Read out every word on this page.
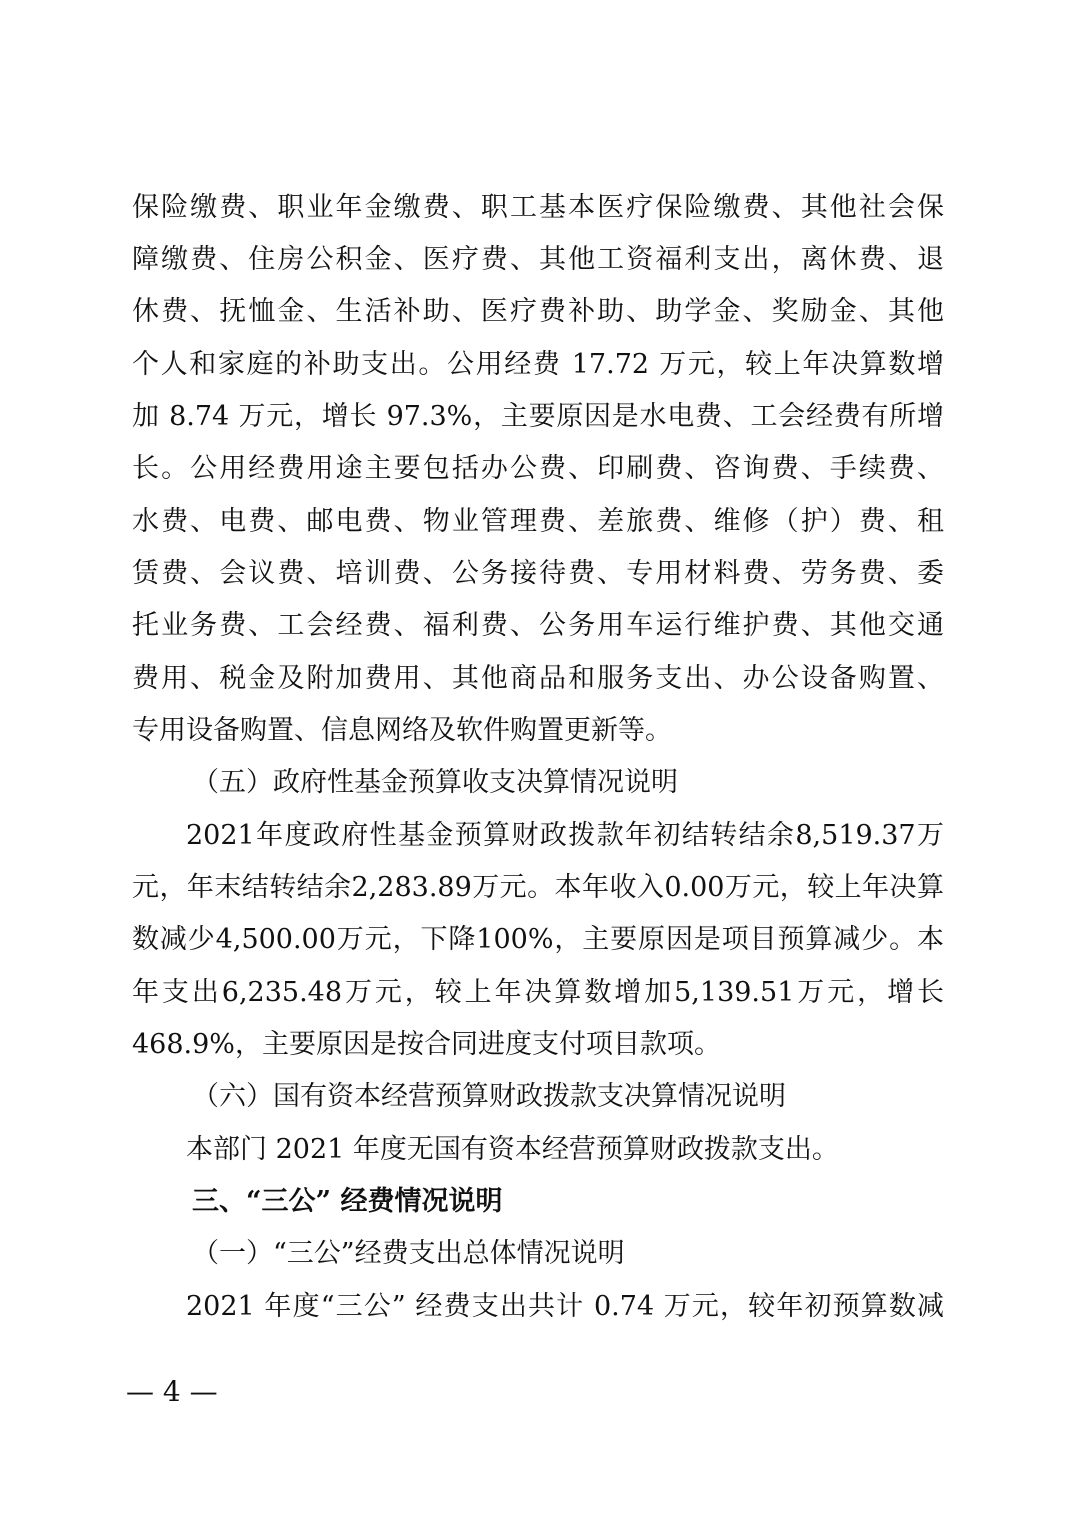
保险缴费、职业年金缴费、职工基本医疗保险缴费、其他社会保
障缴费、住房公积金、医疗费、其他工资福利支出，离休费、退
休费、抚恤金、生活补助、医疗费补助、助学金、奖励金、其他
个人和家庭的补助支出。公用经费 17.72 万元，较上年决算数增
加 8.74 万元，增长 97.3%，主要原因是水电费、工会经费有所增
长。公用经费用途主要包括办公费、印刷费、咨询费、手续费、
水费、电费、邮电费、物业管理费、差旅费、维修（护）费、租
赁费、会议费、培训费、公务接待费、专用材料费、劳务费、委
托业务费、工会经费、福利费、公务用车运行维护费、其他交通
费用、税金及附加费用、其他商品和服务支出、办公设备购置、
专用设备购置、信息网络及软件购置更新等。
（五）政府性基金预算收支决算情况说明
2021年度政府性基金预算财政拨款年初结转结余8,519.37万
元，年末结转结余2,283.89万元。本年收入0.00万元，较上年决算
数减少4,500.00万元，下降100%，主要原因是项目预算减少。本
年支出6,235.48万元，较上年决算数增加5,139.51万元，增长
468.9%，主要原因是按合同进度支付项目款项。
（六）国有资本经营预算财政拨款支决算情况说明
本部门 2021 年度无国有资本经营预算财政拨款支出。
三、“三公” 经费情况说明
（一）“三公”经费支出总体情况说明
2021 年度“三公” 经费支出共计 0.74 万元，较年初预算数减
— 4 —
